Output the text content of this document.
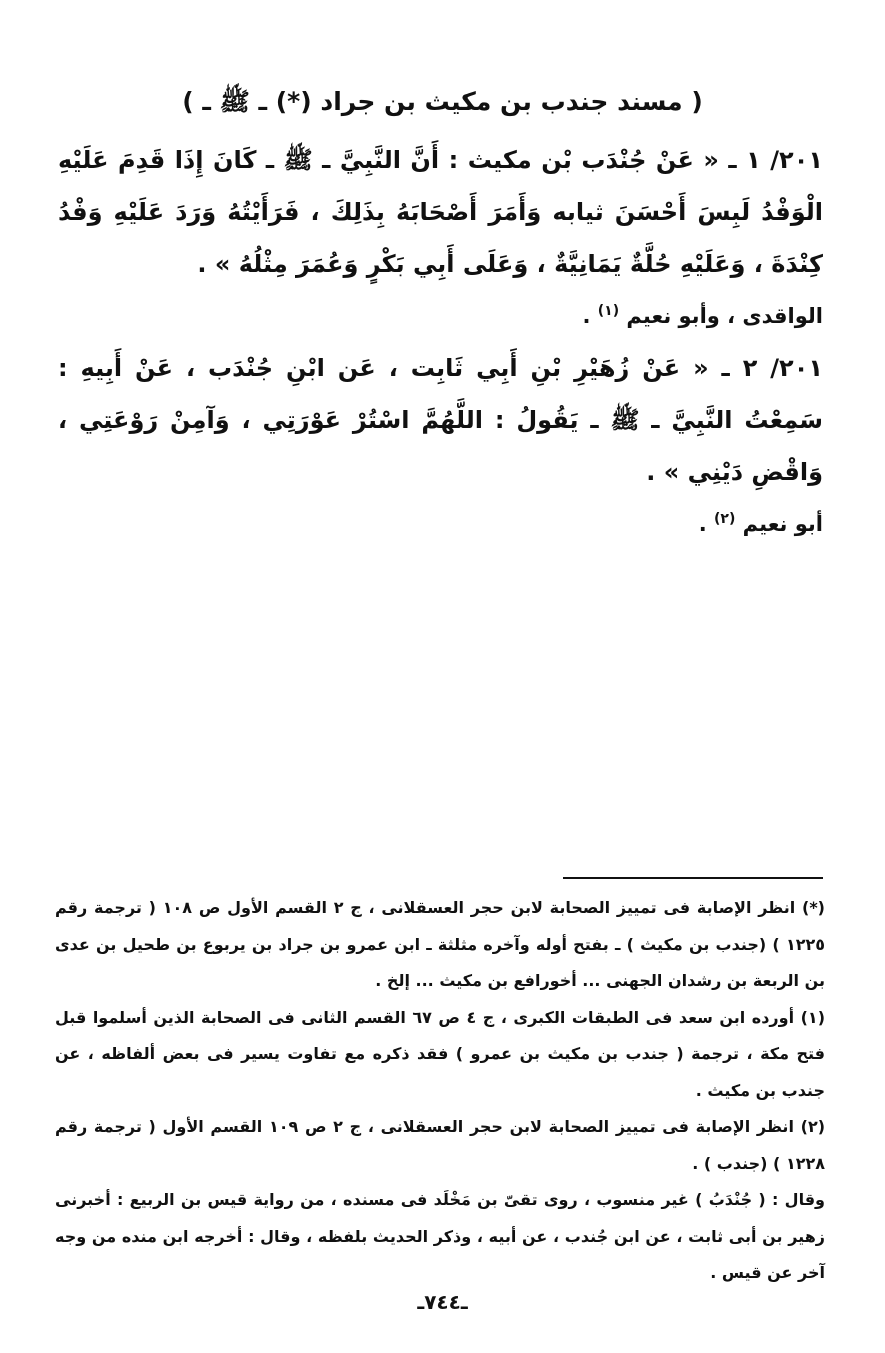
( مسند جندب بن مكيث بن جراد (*) ـ ﷺ ـ )

٢٠١/ ١ ـ « عَنْ جُنْدَب بْن مكيث : أَنَّ النَّبِيَّ ـ ﷺ ـ كَانَ إِذَا قَدِمَ عَلَيْهِ الْوَفْدُ لَبِسَ أَحْسَنَ ثيابه وَأَمَرَ أَصْحَابَهُ بِذَلِكَ ، فَرَأَيْتُهُ وَرَدَ عَلَيْهِ وَفْدُ كِنْدَةَ ، وَعَلَيْهِ حُلَّةٌ يَمَانِيَّةٌ ، وَعَلَى أَبِي بَكْرٍ وَعُمَرَ مِثْلُهُ » .

الواقدى ، وأبو نعيم $^{(١)}$ .

٢٠١/ ٢ ـ « عَنْ زُهَيْرِ بْنِ أَبِي ثَابِت ، عَن ابْنِ جُنْدَب ، عَنْ أَبِيهِ : سَمِعْتُ النَّبِيَّ ـ ﷺ ـ يَقُولُ : اللَّهُمَّ اسْتُرْ عَوْرَتِي ، وَآمِنْ رَوْعَتِي ، وَاقْضِ دَيْنِي » .

أبو نعيم $^{(٢)}$ .

(*) انظر الإصابة فى تمييز الصحابة لابن حجر العسقلانى ، ج ٢ القسم الأول ص ١٠٨ ( ترجمة رقم ١٢٢٥ ) (جندب بن مكيث ) ـ بفتح أوله وآخره مثلثة ـ ابن عمرو بن جراد بن يربوع بن طحيل بن عدى بن الربعة بن رشدان الجهنى ... أخورافع بن مكيث ... إلخ .

(١) أورده ابن سعد فى الطبقات الكبرى ، ج ٤ ص ٦٧ القسم الثانى فى الصحابة الذين أسلموا قبل فتح مكة ، ترجمة ( جندب بن مكيث بن عمرو ) فقد ذكره مع تفاوت يسير فى بعض ألفاظه ، عن جندب بن مكيث .

(٢) انظر الإصابة فى تمييز الصحابة لابن حجر العسقلانى ، ج ٢ ص ١٠٩ القسم الأول ( ترجمة رقم ١٢٢٨ ) (جندب ) .

وقال : ( جُنْدَبُ ) غير منسوب ، روى تقىّ بن مَخْلَد فى مسنده ، من رواية قيس بن الربيع : أخبرنى زهير بن أبى ثابت ، عن ابن جُندب ، عن أبيه ، وذكر الحديث بلفظه ، وقال : أخرجه ابن منده من وجه آخر عن قيس .

ـ٧٤٤ـ
